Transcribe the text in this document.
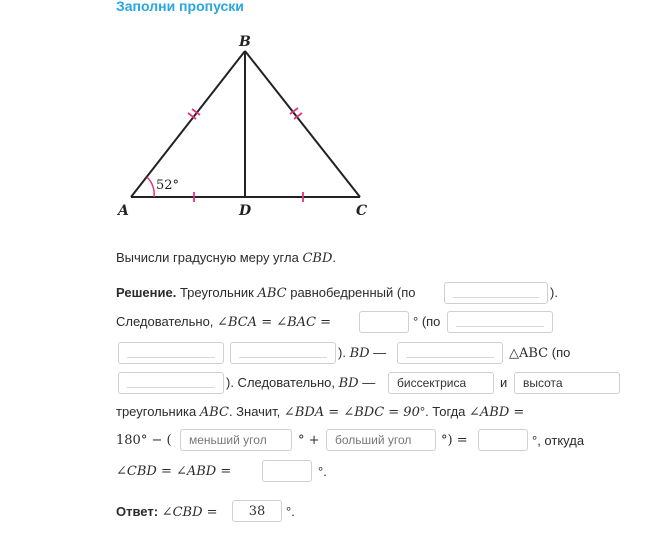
Заполни пропуски
B
A	D	C
52°
Вычисли градусную меру угла CBD.
Решение. Треугольник ABC равнобедренный (по	).
Следовательно, ∠BCA = ∠BAC =	° (по
). BD —	△ABC (по
). Следовательно, BD — биссектриса	и высота
треугольника ABC. Значит, ∠BDA = ∠BDC = 90°. Тогда ∠ABD =
180° − ( меньший угол ° + больший угол °) =	°, откуда
∠CBD = ∠ABD =	°.
Ответ: ∠CBD = 38 °.
